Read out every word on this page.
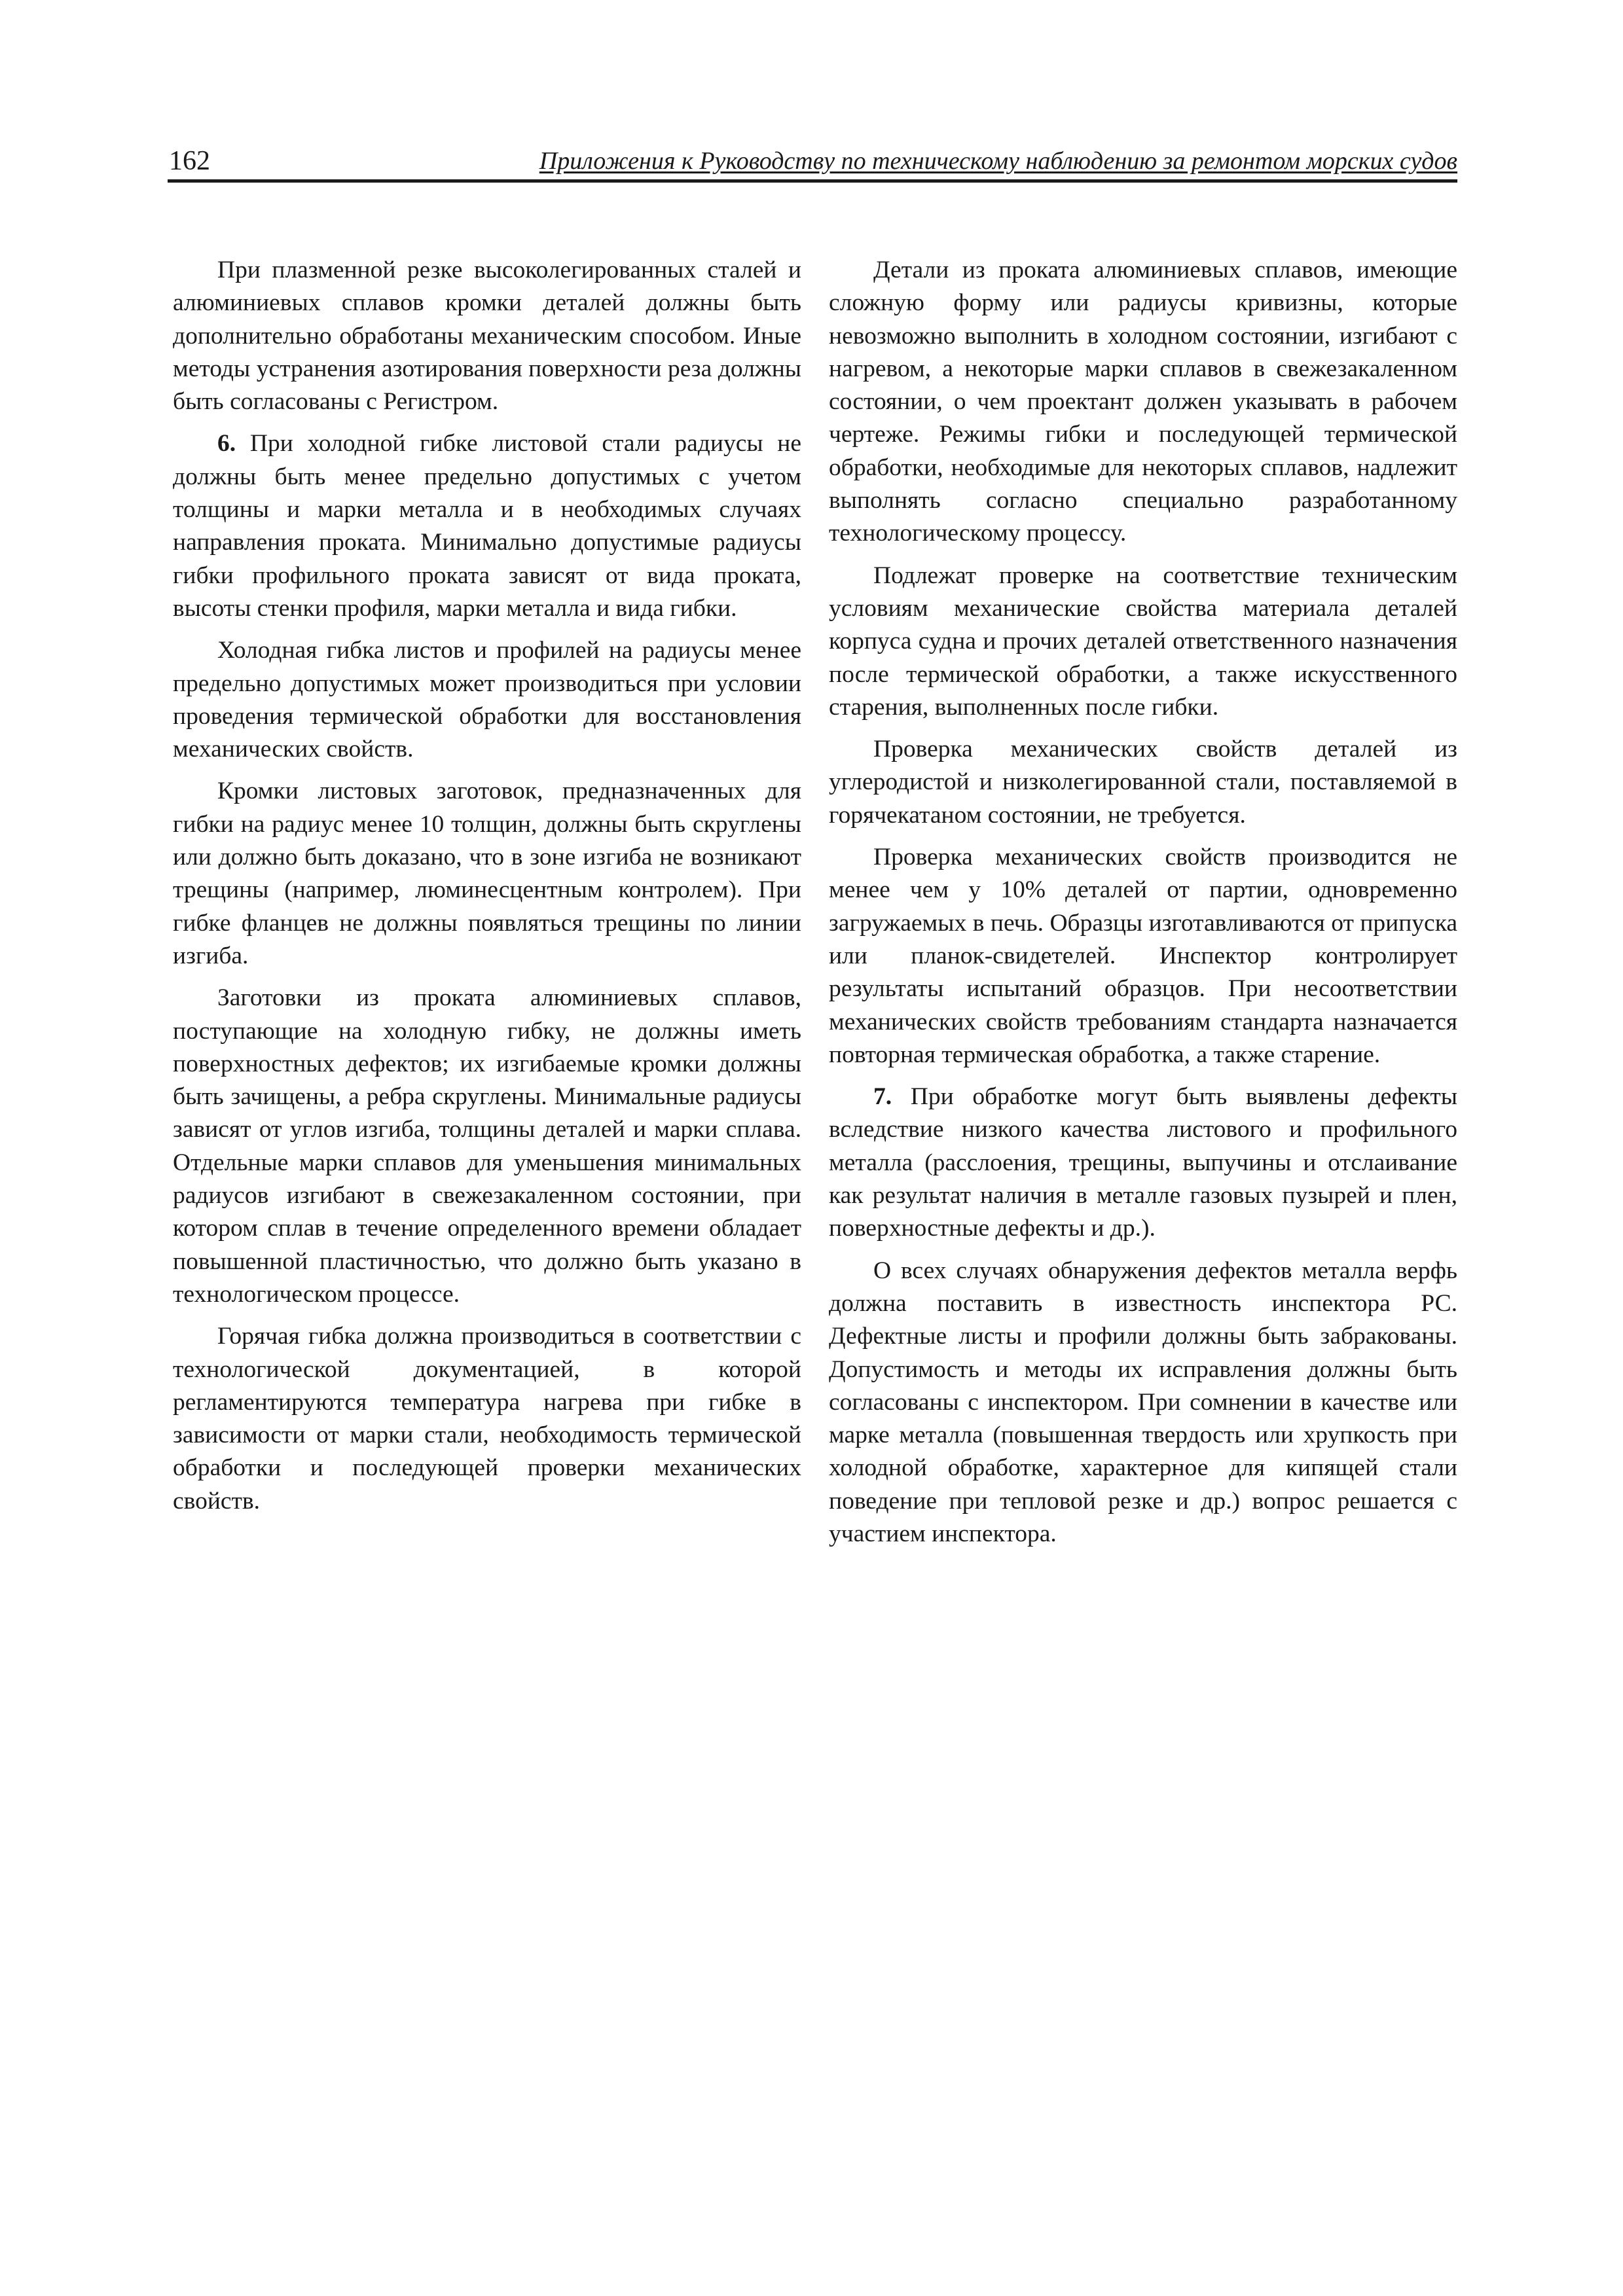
162	Приложения к Руководству по техническому наблюдению за ремонтом морских судов

При плазменной резке высоколегированных сталей и алюминиевых сплавов кромки деталей должны быть дополнительно обработаны механическим способом. Иные методы устранения азотирования поверхности реза должны быть согласованы с Регистром.

6. При холодной гибке листовой стали радиусы не должны быть менее предельно допустимых с учетом толщины и марки металла и в необходимых случаях направления проката. Минимально допустимые радиусы гибки профильного проката зависят от вида проката, высоты стенки профиля, марки металла и вида гибки.

Холодная гибка листов и профилей на радиусы менее предельно допустимых может производиться при условии проведения термической обработки для восстановления механических свойств.

Кромки листовых заготовок, предназначенных для гибки на радиус менее 10 толщин, должны быть скруглены или должно быть доказано, что в зоне изгиба не возникают трещины (например, люминесцентным контролем). При гибке фланцев не должны появляться трещины по линии изгиба.

Заготовки из проката алюминиевых сплавов, поступающие на холодную гибку, не должны иметь поверхностных дефектов; их изгибаемые кромки должны быть зачищены, а ребра скруглены. Минимальные радиусы зависят от углов изгиба, толщины деталей и марки сплава. Отдельные марки сплавов для уменьшения минимальных радиусов изгибают в свежезакаленном состоянии, при котором сплав в течение определенного времени обладает повышенной пластичностью, что должно быть указано в технологическом процессе.

Горячая гибка должна производиться в соответствии с технологической документацией, в которой регламентируются температура нагрева при гибке в зависимости от марки стали, необходимость термической обработки и последующей проверки механических свойств.

Детали из проката алюминиевых сплавов, имеющие сложную форму или радиусы кривизны, которые невозможно выполнить в холодном состоянии, изгибают с нагревом, а некоторые марки сплавов в свежезакаленном состоянии, о чем проектант должен указывать в рабочем чертеже. Режимы гибки и последующей термической обработки, необходимые для некоторых сплавов, надлежит выполнять согласно специально разработанному технологическому процессу.

Подлежат проверке на соответствие техническим условиям механические свойства материала деталей корпуса судна и прочих деталей ответственного назначения после термической обработки, а также искусственного старения, выполненных после гибки.

Проверка механических свойств деталей из углеродистой и низколегированной стали, поставляемой в горячекатаном состоянии, не требуется.

Проверка механических свойств производится не менее чем у 10% деталей от партии, одновременно загружаемых в печь. Образцы изготавливаются от припуска или планок-свидетелей. Инспектор контролирует результаты испытаний образцов. При несоответствии механических свойств требованиям стандарта назначается повторная термическая обработка, а также старение.

7. При обработке могут быть выявлены дефекты вследствие низкого качества листового и профильного металла (расслоения, трещины, выпучины и отслаивание как результат наличия в металле газовых пузырей и плен, поверхностные дефекты и др.).

О всех случаях обнаружения дефектов металла верфь должна поставить в известность инспектора РС. Дефектные листы и профили должны быть забракованы. Допустимость и методы их исправления должны быть согласованы с инспектором. При сомнении в качестве или марке металла (повышенная твердость или хрупкость при холодной обработке, характерное для кипящей стали поведение при тепловой резке и др.) вопрос решается с участием инспектора.
